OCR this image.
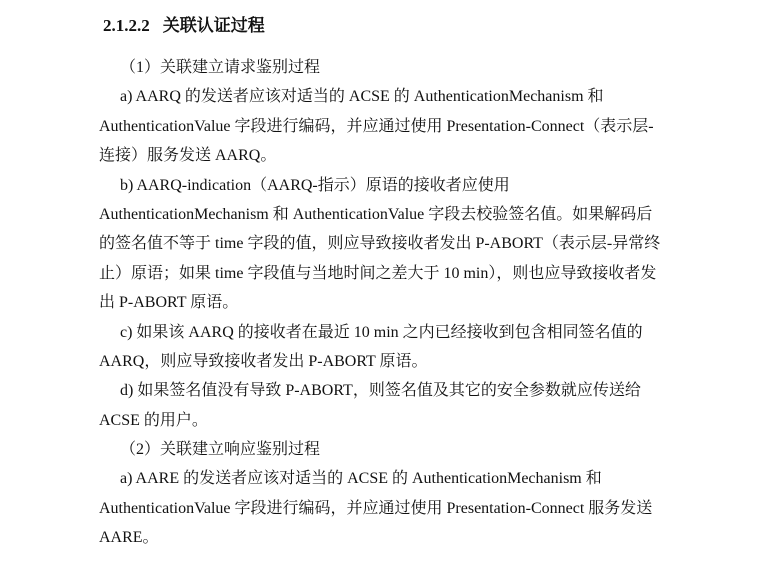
2.1.2.2 关联认证过程
（1）关联建立请求鉴别过程
a) AARQ 的发送者应该对适当的 ACSE 的 AuthenticationMechanism 和
AuthenticationValue 字段进行编码，并应通过使用 Presentation-Connect（表示层-
连接）服务发送 AARQ。
b) AARQ-indication（AARQ-指示）原语的接收者应使用
AuthenticationMechanism 和 AuthenticationValue 字段去校验签名值。如果解码后
的签名值不等于 time 字段的值，则应导致接收者发出 P-ABORT（表示层-异常终
止）原语；如果 time 字段值与当地时间之差大于 10 min），则也应导致接收者发
出 P-ABORT 原语。
c) 如果该 AARQ 的接收者在最近 10 min 之内已经接收到包含相同签名值的
AARQ，则应导致接收者发出 P-ABORT 原语。
d) 如果签名值没有导致 P-ABORT，则签名值及其它的安全参数就应传送给
ACSE 的用户。
（2）关联建立响应鉴别过程
a) AARE 的发送者应该对适当的 ACSE 的 AuthenticationMechanism 和
AuthenticationValue 字段进行编码，并应通过使用 Presentation-Connect 服务发送
AARE。
